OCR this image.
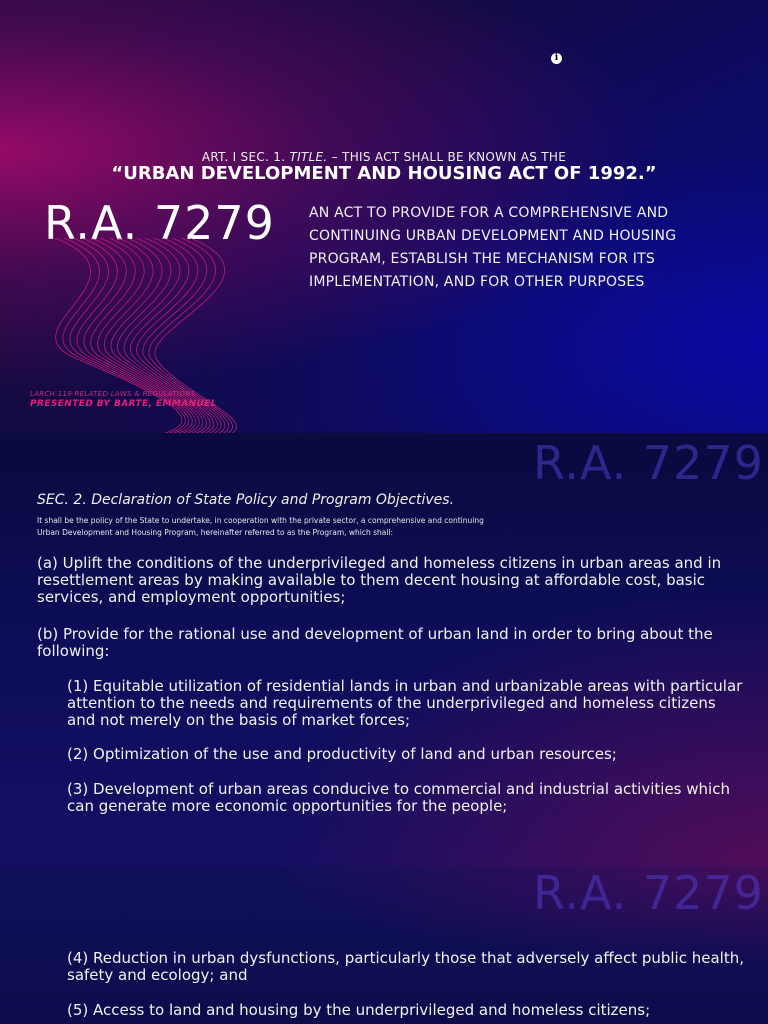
i
ART. I SEC. 1. TITLE. – THIS ACT SHALL BE KNOWN AS THE
“URBAN DEVELOPMENT AND HOUSING ACT OF 1992.”
R.A. 7279 AN ACT TO PROVIDE FOR A COMPREHENSIVE AND CONTINUING URBAN DEVELOPMENT AND HOUSING PROGRAM, ESTABLISH THE MECHANISM FOR ITS IMPLEMENTATION, AND FOR OTHER PURPOSES
LARCH 119 RELATED LAWS & REGULATIONS
PRESENTED BY BARTE, EMMANUEL
R.A. 7279
SEC. 2. Declaration of State Policy and Program Objectives.
It shall be the policy of the State to undertake, in cooperation with the private sector, a comprehensive and continuing Urban Development and Housing Program, hereinafter referred to as the Program, which shall:
(a) Uplift the conditions of the underprivileged and homeless citizens in urban areas and in resettlement areas by making available to them decent housing at affordable cost, basic services, and employment opportunities;
(b) Provide for the rational use and development of urban land in order to bring about the following:
(1) Equitable utilization of residential lands in urban and urbanizable areas with particular attention to the needs and requirements of the underprivileged and homeless citizens and not merely on the basis of market forces;
(2) Optimization of the use and productivity of land and urban resources;
(3) Development of urban areas conducive to commercial and industrial activities which can generate more economic opportunities for the people;
R.A. 7279
(4) Reduction in urban dysfunctions, particularly those that adversely affect public health, safety and ecology; and
(5) Access to land and housing by the underprivileged and homeless citizens;
